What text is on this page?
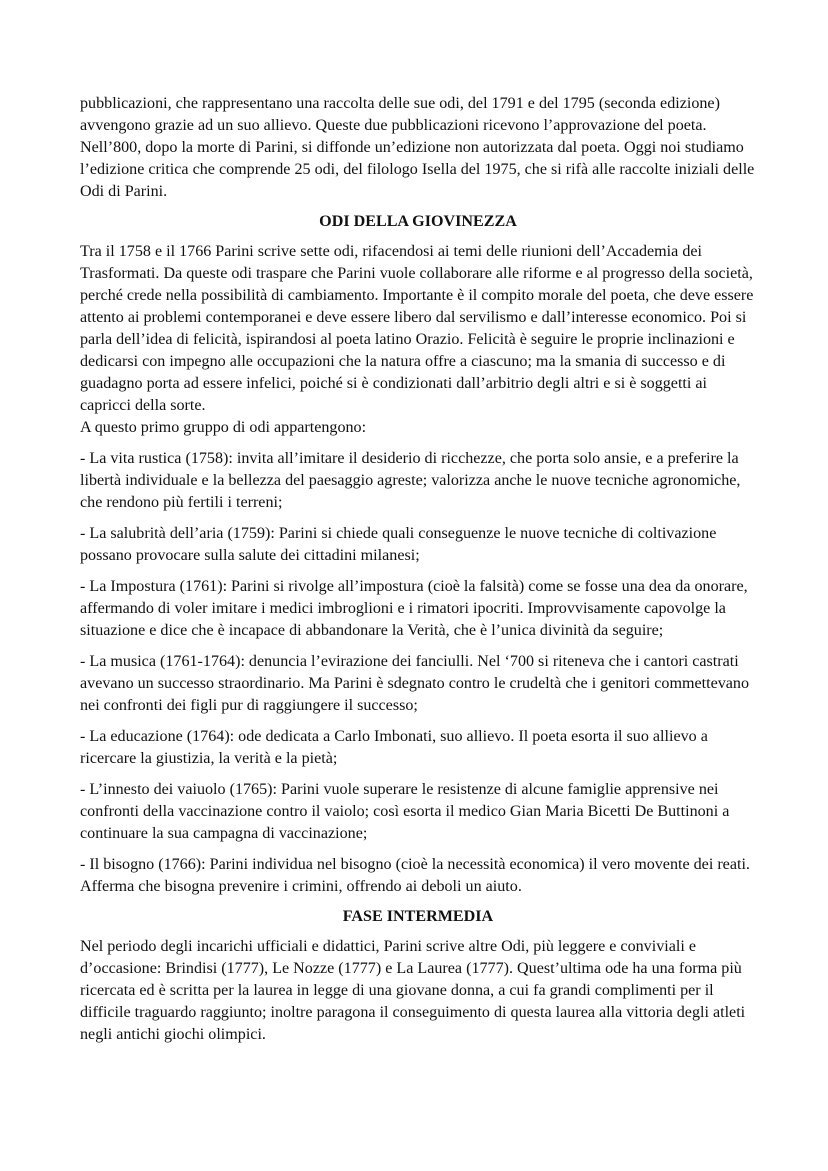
pubblicazioni, che rappresentano una raccolta delle sue odi, del 1791 e del 1795 (seconda edizione) avvengono grazie ad un suo allievo. Queste due pubblicazioni ricevono l’approvazione del poeta. Nell’800, dopo la morte di Parini, si diffonde un’edizione non autorizzata dal poeta. Oggi noi studiamo l’edizione critica che comprende 25 odi, del filologo Isella del 1975, che si rifà alle raccolte iniziali delle Odi di Parini.

ODI DELLA GIOVINEZZA

Tra il 1758 e il 1766 Parini scrive sette odi, rifacendosi ai temi delle riunioni dell’Accademia dei Trasformati. Da queste odi traspare che Parini vuole collaborare alle riforme e al progresso della società, perché crede nella possibilità di cambiamento. Importante è il compito morale del poeta, che deve essere attento ai problemi contemporanei e deve essere libero dal servilismo e dall’interesse economico. Poi si parla dell’idea di felicità, ispirandosi al poeta latino Orazio. Felicità è seguire le proprie inclinazioni e dedicarsi con impegno alle occupazioni che la natura offre a ciascuno; ma la smania di successo e di guadagno porta ad essere infelici, poiché si è condizionati dall’arbitrio degli altri e si è soggetti ai capricci della sorte.

A questo primo gruppo di odi appartengono:

- La vita rustica (1758): invita all’imitare il desiderio di ricchezze, che porta solo ansie, e a preferire la libertà individuale e la bellezza del paesaggio agreste; valorizza anche le nuove tecniche agronomiche, che rendono più fertili i terreni;

- La salubrità dell’aria (1759): Parini si chiede quali conseguenze le nuove tecniche di coltivazione possano provocare sulla salute dei cittadini milanesi;

- La Impostura (1761): Parini si rivolge all’impostura (cioè la falsità) come se fosse una dea da onorare, affermando di voler imitare i medici imbroglioni e i rimatori ipocriti. Improvvisamente capovolge la situazione e dice che è incapace di abbandonare la Verità, che è l’unica divinità da seguire;

- La musica (1761-1764): denuncia l’evirazione dei fanciulli. Nel ‘700 si riteneva che i cantori castrati avevano un successo straordinario. Ma Parini è sdegnato contro le crudeltà che i genitori commettevano nei confronti dei figli pur di raggiungere il successo;

- La educazione (1764): ode dedicata a Carlo Imbonati, suo allievo. Il poeta esorta il suo allievo a ricercare la giustizia, la verità e la pietà;

- L’innesto dei vaiuolo (1765): Parini vuole superare le resistenze di alcune famiglie apprensive nei confronti della vaccinazione contro il vaiolo; così esorta il medico Gian Maria Bicetti De Buttinoni a continuare la sua campagna di vaccinazione;

- Il bisogno (1766): Parini individua nel bisogno (cioè la necessità economica) il vero movente dei reati. Afferma che bisogna prevenire i crimini, offrendo ai deboli un aiuto.

FASE INTERMEDIA

Nel periodo degli incarichi ufficiali e didattici, Parini scrive altre Odi, più leggere e conviviali e d’occasione: Brindisi (1777), Le Nozze (1777) e La Laurea (1777). Quest’ultima ode ha una forma più ricercata ed è scritta per la laurea in legge di una giovane donna, a cui fa grandi complimenti per il difficile traguardo raggiunto; inoltre paragona il conseguimento di questa laurea alla vittoria degli atleti negli antichi giochi olimpici.
